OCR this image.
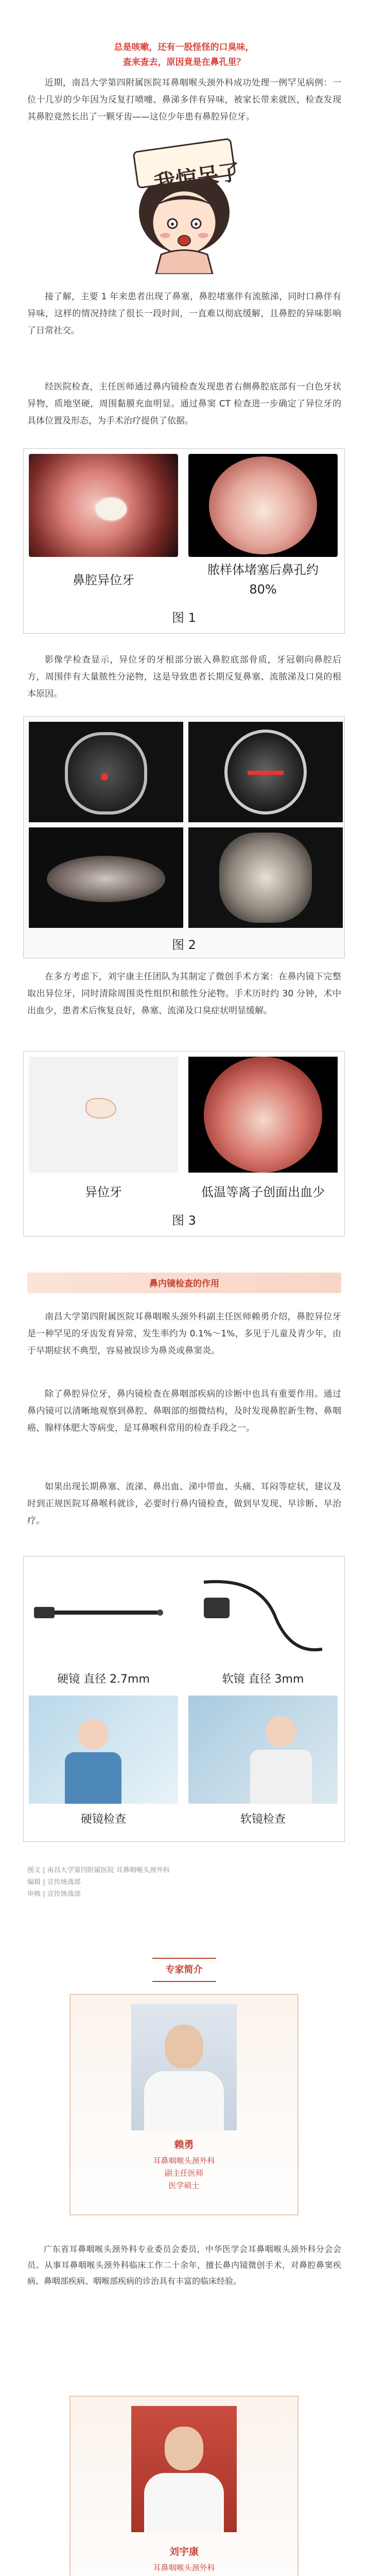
总是咳嗽，还有一股怪怪的口臭味，

查来查去，原因竟是在鼻孔里？

近期，南昌大学第四附属医院耳鼻咽喉头颈外科成功处理一例罕见病例：一位十几岁的少年因为反复打喷嚏、鼻涕多伴有异味，被家长带来就医，检查发现其鼻腔竟然长出了一颗牙齿——这位少年患有鼻腔异位牙。

我惊呆了

接了解，主要 1 年来患者出现了鼻塞，鼻腔堵塞伴有流脓涕，同时口鼻伴有异味，这样的情况持续了很长一段时间，一直难以彻底缓解，且鼻腔的异味影响了日常社交。

经医院检查，主任医师通过鼻内镜检查发现患者右侧鼻腔底部有一白色牙状异物，质地坚硬，周围黏膜充血明显。通过鼻窦 CT 检查进一步确定了异位牙的具体位置及形态，为手术治疗提供了依据。

鼻腔异位牙
脓样体堵塞后鼻孔约
80%
图 1

影像学检查显示，异位牙的牙根部分嵌入鼻腔底部骨质，牙冠朝向鼻腔后方，周围伴有大量脓性分泌物，这是导致患者长期反复鼻塞、流脓涕及口臭的根本原因。

图 2

在多方考虑下，刘宇康主任团队为其制定了微创手术方案：在鼻内镜下完整取出异位牙，同时清除周围炎性组织和脓性分泌物。手术历时约 30 分钟，术中出血少，患者术后恢复良好，鼻塞、流涕及口臭症状明显缓解。

异位牙	低温等离子创面出血少
图 3
鼻内镜检查的作用

南昌大学第四附属医院耳鼻咽喉头颈外科副主任医师赖勇介绍，鼻腔异位牙是一种罕见的牙齿发育异常，发生率约为 0.1%～1%，多见于儿童及青少年，由于早期症状不典型，容易被误诊为鼻炎或鼻窦炎。

除了鼻腔异位牙，鼻内镜检查在鼻咽部疾病的诊断中也具有重要作用。通过鼻内镜可以清晰地观察到鼻腔、鼻咽部的细微结构，及时发现鼻腔新生物、鼻咽癌、腺样体肥大等病变，是耳鼻喉科常用的检查手段之一。

如果出现长期鼻塞、流涕、鼻出血、涕中带血、头痛、耳闷等症状，建议及时到正规医院耳鼻喉科就诊，必要时行鼻内镜检查，做到早发现、早诊断、早治疗。

硬镜 直径 2.7mm	软镜 直径 3mm
硬镜检查	软镜检查
图文 | 南昌大学第四附属医院 耳鼻咽喉头颈外科
编辑 | 宣传统战部
审核 | 宣传统战部
专家简介
赖勇
耳鼻咽喉头颈外科
副主任医师
医学硕士

广东省耳鼻咽喉头颈外科专业委员会委员，中华医学会耳鼻咽喉头颈外科分会会员。从事耳鼻咽喉头颈外科临床工作二十余年，擅长鼻内镜微创手术，对鼻腔鼻窦疾病、鼻咽部疾病、咽喉部疾病的诊治具有丰富的临床经验。

刘宇康
耳鼻咽喉头颈外科
